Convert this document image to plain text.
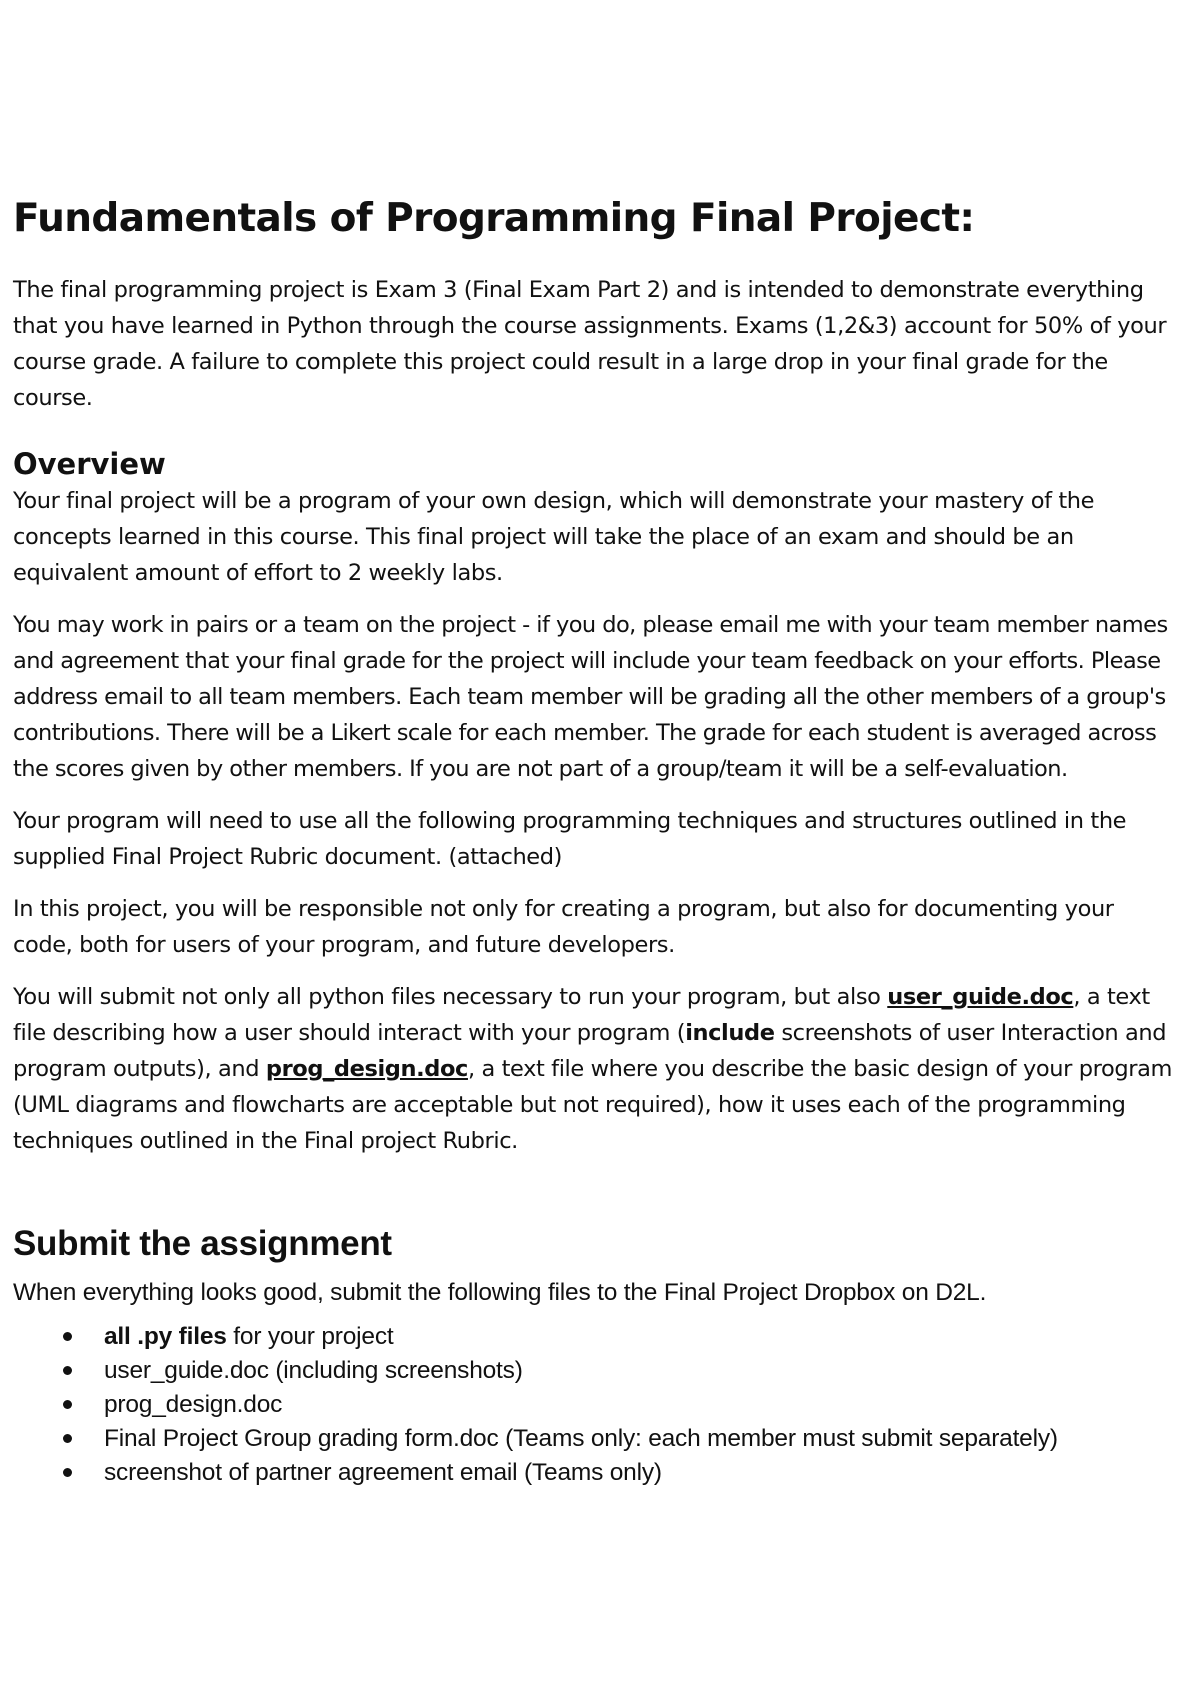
Fundamentals of Programming Final Project:

The final programming project is Exam 3 (Final Exam Part 2) and is intended to demonstrate everything that you have learned in Python through the course assignments. Exams (1,2&3) account for 50% of your course grade. A failure to complete this project could result in a large drop in your final grade for the course.

Overview

Your final project will be a program of your own design, which will demonstrate your mastery of the concepts learned in this course. This final project will take the place of an exam and should be an equivalent amount of effort to 2 weekly labs.

You may work in pairs or a team on the project - if you do, please email me with your team member names and agreement that your final grade for the project will include your team feedback on your efforts. Please address email to all team members. Each team member will be grading all the other members of a group's contributions. There will be a Likert scale for each member. The grade for each student is averaged across the scores given by other members. If you are not part of a group/team it will be a self-evaluation.

Your program will need to use all the following programming techniques and structures outlined in the supplied Final Project Rubric document. (attached)

In this project, you will be responsible not only for creating a program, but also for documenting your code, both for users of your program, and future developers.

You will submit not only all python files necessary to run your program, but also user_guide.doc, a text file describing how a user should interact with your program (include screenshots of user Interaction and program outputs), and prog_design.doc, a text file where you describe the basic design of your program (UML diagrams and flowcharts are acceptable but not required), how it uses each of the programming techniques outlined in the Final project Rubric.

Submit the assignment

When everything looks good, submit the following files to the Final Project Dropbox on D2L.

all .py files for your project
user_guide.doc (including screenshots)
prog_design.doc
Final Project Group grading form.doc (Teams only: each member must submit separately)
screenshot of partner agreement email (Teams only)
